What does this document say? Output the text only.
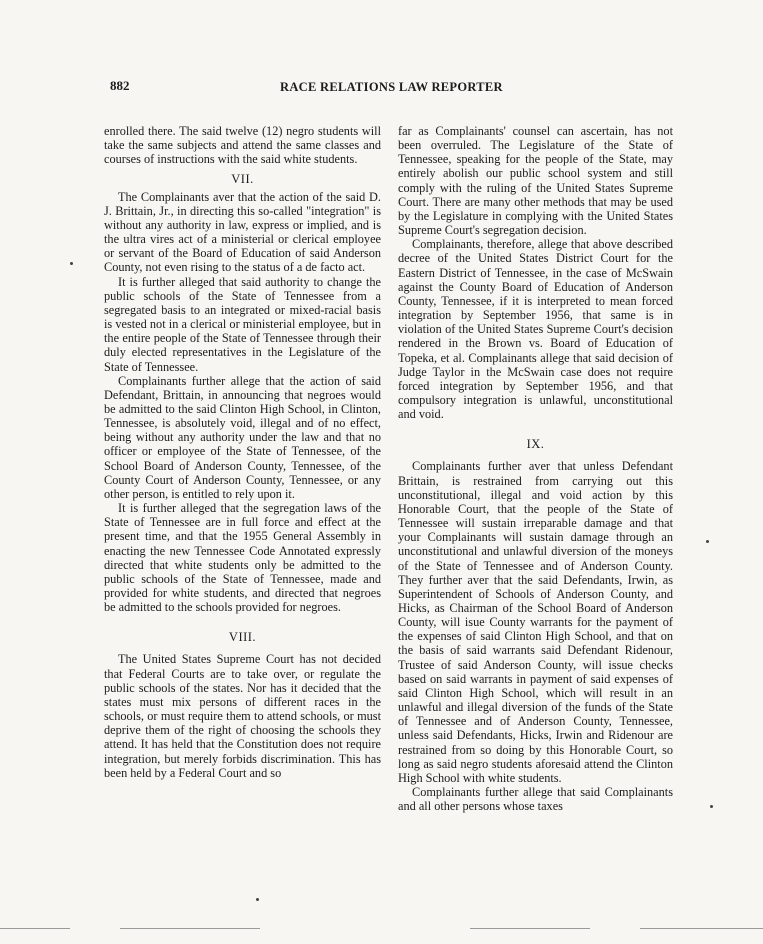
882	RACE RELATIONS LAW REPORTER

enrolled there. The said twelve (12) negro students will take the same subjects and attend the same classes and courses of instructions with the said white students.

VII.

The Complainants aver that the action of the said D. J. Brittain, Jr., in directing this so-called "integration" is without any authority in law, express or implied, and is the ultra vires act of a ministerial or clerical employee or servant of the Board of Education of said Anderson County, not even rising to the status of a de facto act.

It is further alleged that said authority to change the public schools of the State of Tennessee from a segregated basis to an integrated or mixed-racial basis is vested not in a clerical or ministerial employee, but in the entire people of the State of Tennessee through their duly elected representatives in the Legislature of the State of Tennessee.

Complainants further allege that the action of said Defendant, Brittain, in announcing that negroes would be admitted to the said Clinton High School, in Clinton, Tennessee, is absolutely void, illegal and of no effect, being without any authority under the law and that no officer or employee of the State of Tennessee, of the School Board of Anderson County, Tennessee, of the County Court of Anderson County, Tennessee, or any other person, is entitled to rely upon it.

It is further alleged that the segregation laws of the State of Tennessee are in full force and effect at the present time, and that the 1955 General Assembly in enacting the new Tennessee Code Annotated expressly directed that white students only be admitted to the public schools of the State of Tennessee, made and provided for white students, and directed that negroes be admitted to the schools provided for negroes.

VIII.

The United States Supreme Court has not decided that Federal Courts are to take over, or regulate the public schools of the states. Nor has it decided that the states must mix persons of different races in the schools, or must require them to attend schools, or must deprive them of the right of choosing the schools they attend. It has held that the Constitution does not require integration, but merely forbids discrimination. This has been held by a Federal Court and so

far as Complainants' counsel can ascertain, has not been overruled. The Legislature of the State of Tennessee, speaking for the people of the State, may entirely abolish our public school system and still comply with the ruling of the United States Supreme Court. There are many other methods that may be used by the Legislature in complying with the United States Supreme Court's segregation decision.

Complainants, therefore, allege that above described decree of the United States District Court for the Eastern District of Tennessee, in the case of McSwain against the County Board of Education of Anderson County, Tennessee, if it is interpreted to mean forced integration by September 1956, that same is in violation of the United States Supreme Court's decision rendered in the Brown vs. Board of Education of Topeka, et al. Complainants allege that said decision of Judge Taylor in the McSwain case does not require forced integration by September 1956, and that compulsory integration is unlawful, unconstitutional and void.

IX.

Complainants further aver that unless Defendant Brittain, is restrained from carrying out this unconstitutional, illegal and void action by this Honorable Court, that the people of the State of Tennessee will sustain irreparable damage and that your Complainants will sustain damage through an unconstitutional and unlawful diversion of the moneys of the State of Tennessee and of Anderson County. They further aver that the said Defendants, Irwin, as Superintendent of Schools of Anderson County, and Hicks, as Chairman of the School Board of Anderson County, will isue County warrants for the payment of the expenses of said Clinton High School, and that on the basis of said warrants said Defendant Ridenour, Trustee of said Anderson County, will issue checks based on said warrants in payment of said expenses of said Clinton High School, which will result in an unlawful and illegal diversion of the funds of the State of Tennessee and of Anderson County, Tennessee, unless said Defendants, Hicks, Irwin and Ridenour are restrained from so doing by this Honorable Court, so long as said negro students aforesaid attend the Clinton High School with white students.

Complainants further allege that said Complainants and all other persons whose taxes
